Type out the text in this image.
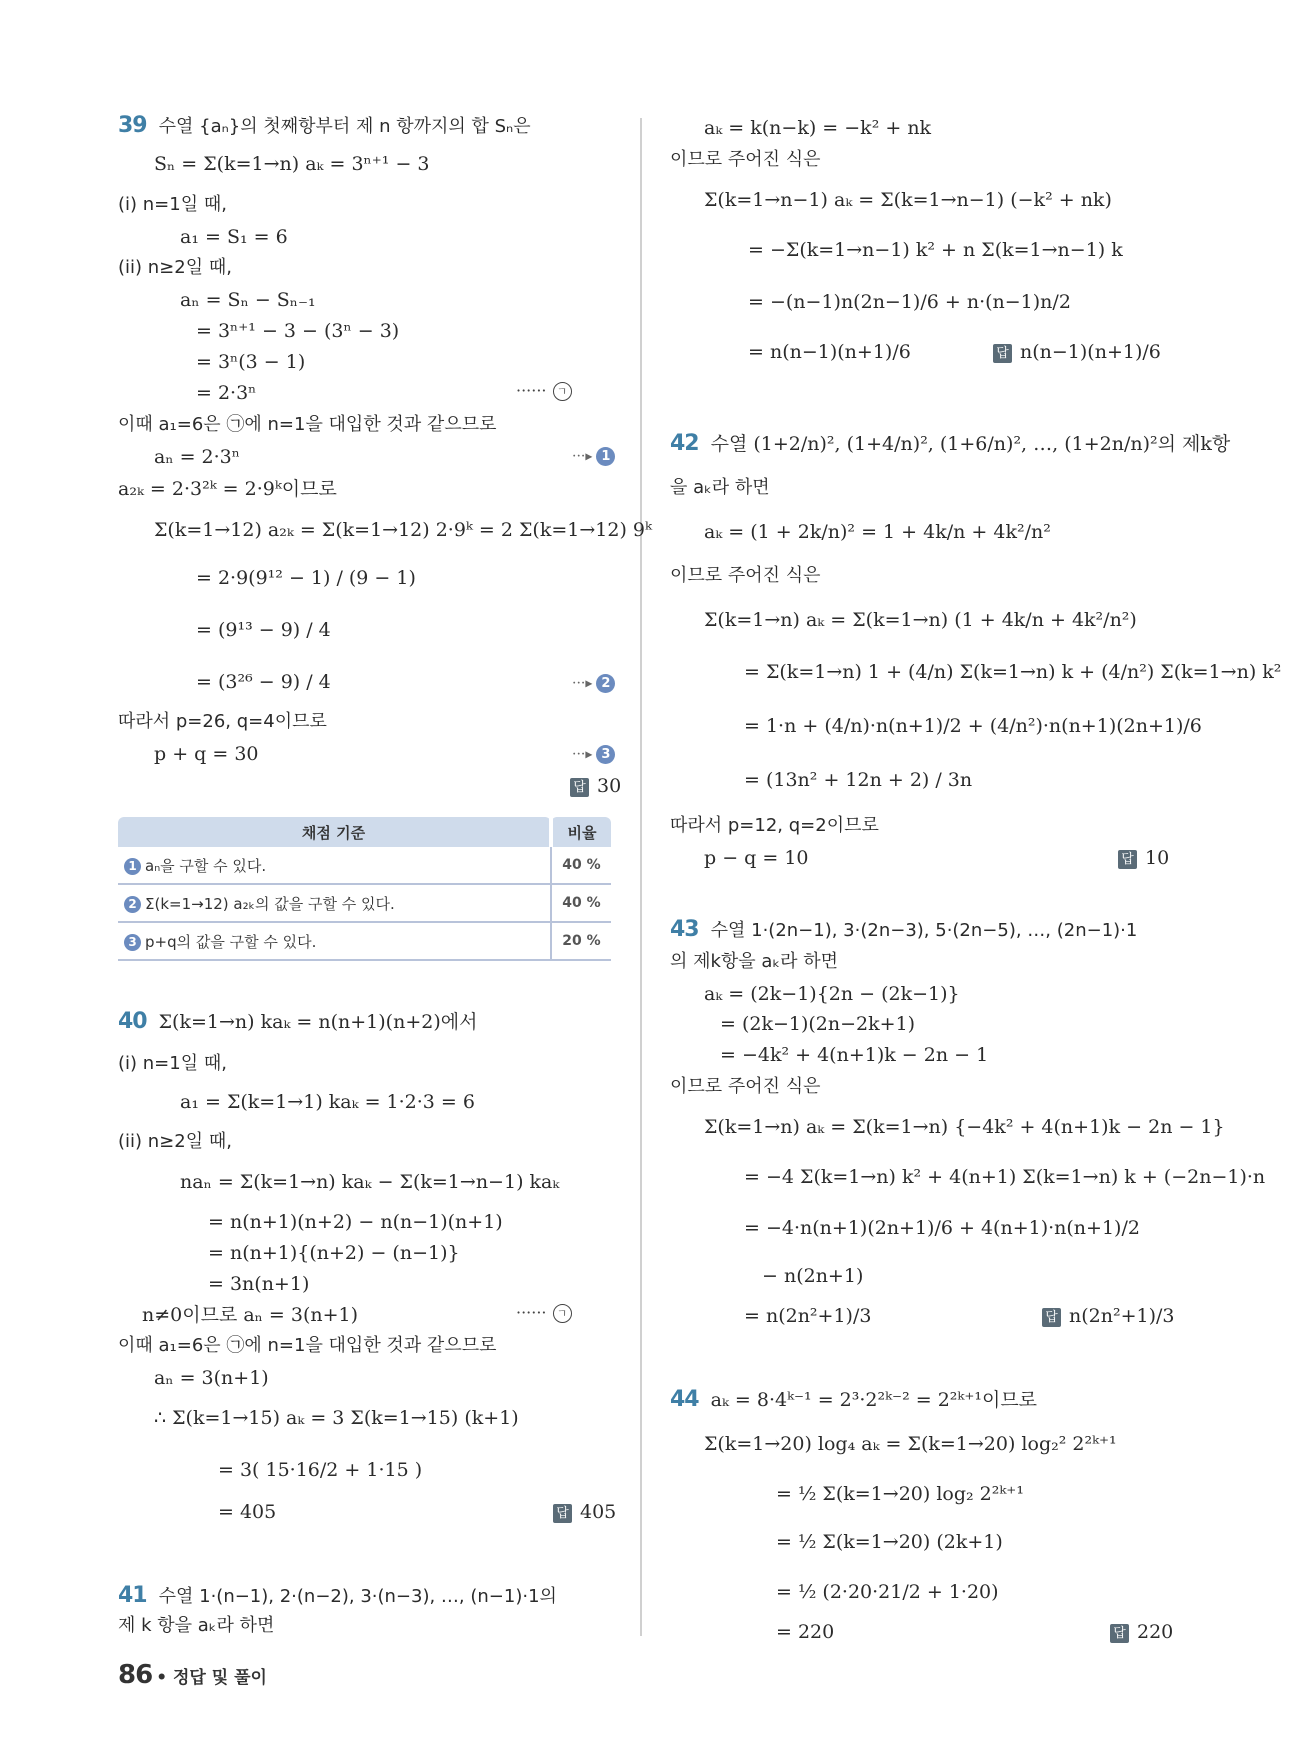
39 수열 {aₙ}의 첫째항부터 제 n 항까지의 합 Sₙ은
Sₙ = Σ(k=1→n) aₖ = 3ⁿ⁺¹ − 3
(i) n=1일 때,
a₁ = S₁ = 6
(ii) n≥2일 때,
aₙ = Sₙ − Sₙ₋₁
= 3ⁿ⁺¹ − 3 − (3ⁿ − 3)
= 3ⁿ(3 − 1)
= 2·3ⁿ	······ ㄱ
이때 a₁=6은 ㉠에 n=1을 대입한 것과 같으므로
aₙ = 2·3ⁿ	···▸ 1
a₂ₖ = 2·3²ᵏ = 2·9ᵏ이므로
Σ(k=1→12) a₂ₖ = Σ(k=1→12) 2·9ᵏ = 2 Σ(k=1→12) 9ᵏ
= 2·9(9¹² − 1) / (9 − 1)
= (9¹³ − 9) / 4
= (3²⁶ − 9) / 4	···▸ 2
따라서 p=26, q=4이므로
p + q = 30	···▸ 3
답 30
채점 기준	비율
1 aₙ을 구할 수 있다.	40 %
2 Σ(k=1→12) a₂ₖ의 값을 구할 수 있다.	40 %
3 p+q의 값을 구할 수 있다.	20 %
40 Σ(k=1→n) kaₖ = n(n+1)(n+2)에서
(i) n=1일 때,
a₁ = Σ(k=1→1) kaₖ = 1·2·3 = 6
(ii) n≥2일 때,
naₙ = Σ(k=1→n) kaₖ − Σ(k=1→n−1) kaₖ
= n(n+1)(n+2) − n(n−1)(n+1)
= n(n+1){(n+2) − (n−1)}
= 3n(n+1)
n≠0이므로 aₙ = 3(n+1)	······ ㄱ
이때 a₁=6은 ㉠에 n=1을 대입한 것과 같으므로
aₙ = 3(n+1)
∴ Σ(k=1→15) aₖ = 3 Σ(k=1→15) (k+1)
= 3( 15·16/2 + 1·15 )
= 405	답 405
41 수열 1·(n−1), 2·(n−2), 3·(n−3), …, (n−1)·1의
제 k 항을 aₖ라 하면
aₖ = k(n−k) = −k² + nk
이므로 주어진 식은
Σ(k=1→n−1) aₖ = Σ(k=1→n−1) (−k² + nk)
= −Σ(k=1→n−1) k² + n Σ(k=1→n−1) k
= −(n−1)n(2n−1)/6 + n·(n−1)n/2
= n(n−1)(n+1)/6	답 n(n−1)(n+1)/6
42 수열 (1+2/n)², (1+4/n)², (1+6/n)², …, (1+2n/n)²의 제k항
을 aₖ라 하면
aₖ = (1 + 2k/n)² = 1 + 4k/n + 4k²/n²
이므로 주어진 식은
Σ(k=1→n) aₖ = Σ(k=1→n) (1 + 4k/n + 4k²/n²)
= Σ(k=1→n) 1 + (4/n) Σ(k=1→n) k + (4/n²) Σ(k=1→n) k²
= 1·n + (4/n)·n(n+1)/2 + (4/n²)·n(n+1)(2n+1)/6
= (13n² + 12n + 2) / 3n
따라서 p=12, q=2이므로
p − q = 10	답 10
43 수열 1·(2n−1), 3·(2n−3), 5·(2n−5), …, (2n−1)·1
의 제k항을 aₖ라 하면
aₖ = (2k−1){2n − (2k−1)}
= (2k−1)(2n−2k+1)
= −4k² + 4(n+1)k − 2n − 1
이므로 주어진 식은
Σ(k=1→n) aₖ = Σ(k=1→n) {−4k² + 4(n+1)k − 2n − 1}
= −4 Σ(k=1→n) k² + 4(n+1) Σ(k=1→n) k + (−2n−1)·n
= −4·n(n+1)(2n+1)/6 + 4(n+1)·n(n+1)/2
− n(2n+1)
= n(2n²+1)/3	답 n(2n²+1)/3
44 aₖ = 8·4ᵏ⁻¹ = 2³·2²ᵏ⁻² = 2²ᵏ⁺¹이므로
Σ(k=1→20) log₄ aₖ = Σ(k=1→20) log₂² 2²ᵏ⁺¹
= ½ Σ(k=1→20) log₂ 2²ᵏ⁺¹
= ½ Σ(k=1→20) (2k+1)
= ½ (2·20·21/2 + 1·20)
= 220	답 220
86 • 정답 및 풀이
